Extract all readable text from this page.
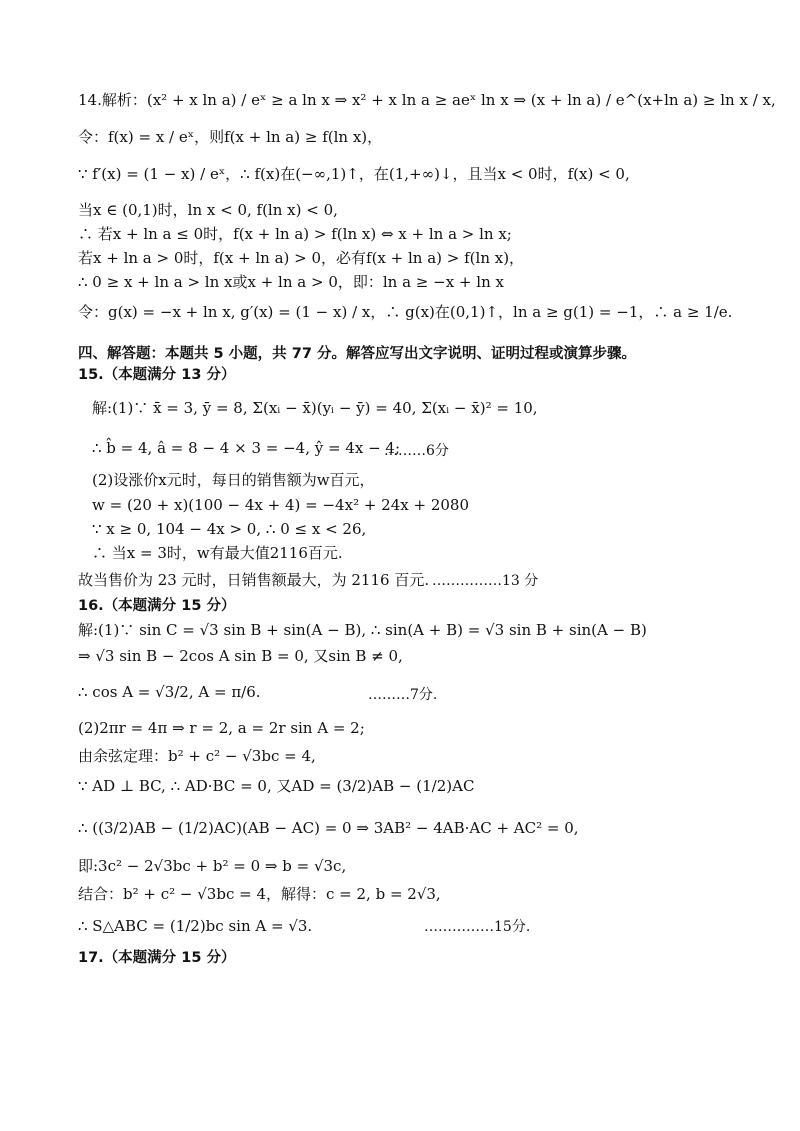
14.解析：(x² + x ln a) / eˣ ≥ a ln x ⇒ x² + x ln a ≥ aeˣ ln x ⇒ (x + ln a) / e^(x+ln a) ≥ ln x / x,
令：f(x) = x / eˣ，则f(x + ln a) ≥ f(ln x)，
∵ f′(x) = (1 − x) / eˣ，∴ f(x)在(−∞,1)↑，在(1,+∞)↓，且当x < 0时，f(x) < 0,
当x ∈ (0,1)时，ln x < 0, f(ln x) < 0,
∴ 若x + ln a ≤ 0时，f(x + ln a) > f(ln x) ⇔ x + ln a > ln x;
若x + ln a > 0时，f(x + ln a) > 0，必有f(x + ln a) > f(ln x)，
∴ 0 ≥ x + ln a > ln x或x + ln a > 0，即：ln a ≥ −x + ln x
令：g(x) = −x + ln x, g′(x) = (1 − x) / x，∴ g(x)在(0,1)↑，ln a ≥ g(1) = −1，∴ a ≥ 1/e.
四、解答题：本题共 5 小题，共 77 分。解答应写出文字说明、证明过程或演算步骤。
15.（本题满分 13 分）
解:(1)∵ x̄ = 3, ȳ = 8, Σ(xᵢ − x̄)(yᵢ − ȳ) = 40, Σ(xᵢ − x̄)² = 10,
∴ b̂ = 4, â = 8 − 4 × 3 = −4, ŷ = 4x − 4;
………6分
(2)设涨价x元时，每日的销售额为w百元，
w = (20 + x)(100 − 4x + 4) = −4x² + 24x + 2080
∵ x ≥ 0, 104 − 4x > 0, ∴ 0 ≤ x < 26,
∴ 当x = 3时，w有最大值2116百元.
故当售价为 23 元时，日销售额最大，为 2116 百元. ……………13 分
16.（本题满分 15 分）
解:(1)∵ sin C = √3 sin B + sin(A − B), ∴ sin(A + B) = √3 sin B + sin(A − B)
⇒ √3 sin B − 2cos A sin B = 0, 又sin B ≠ 0,
∴ cos A = √3/2, A = π/6.	………7分.
(2)2πr = 4π ⇒ r = 2, a = 2r sin A = 2;
由余弦定理：b² + c² − √3bc = 4,
∵ AD ⊥ BC, ∴ AD·BC = 0, 又AD = (3/2)AB − (1/2)AC
∴ ((3/2)AB − (1/2)AC)(AB − AC) = 0 ⇒ 3AB² − 4AB·AC + AC² = 0,
即:3c² − 2√3bc + b² = 0 ⇒ b = √3c,
结合：b² + c² − √3bc = 4，解得：c = 2, b = 2√3,
∴ S△ABC = (1/2)bc sin A = √3.	……………15分.
17.（本题满分 15 分）
